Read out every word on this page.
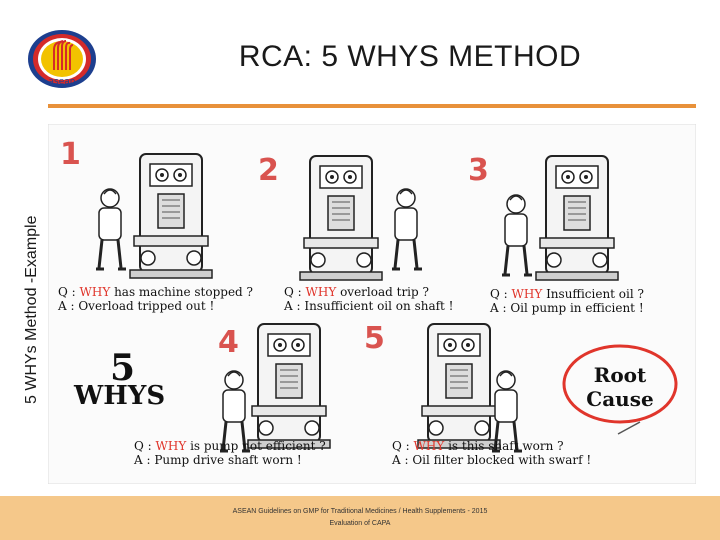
asean
RCA: 5 WHYS METHOD
5 WHYs Method -Example
1	2	3
Q : WHY has machine stopped ?
A : Overload tripped out !
Q : WHY overload trip ?
A : Insufficient oil on shaft !
Q : WHY Insufficient oil ?
A : Oil pump in efficient !
4	5
5
WHYS
Root
Cause
Q : WHY is pump not efficient ?
A : Pump drive shaft worn !
Q : WHY is this shaft worn ?
A : Oil filter blocked with swarf !
ASEAN Guidelines on GMP for Traditional Medicines / Health Supplements - 2015
Evaluation of CAPA
